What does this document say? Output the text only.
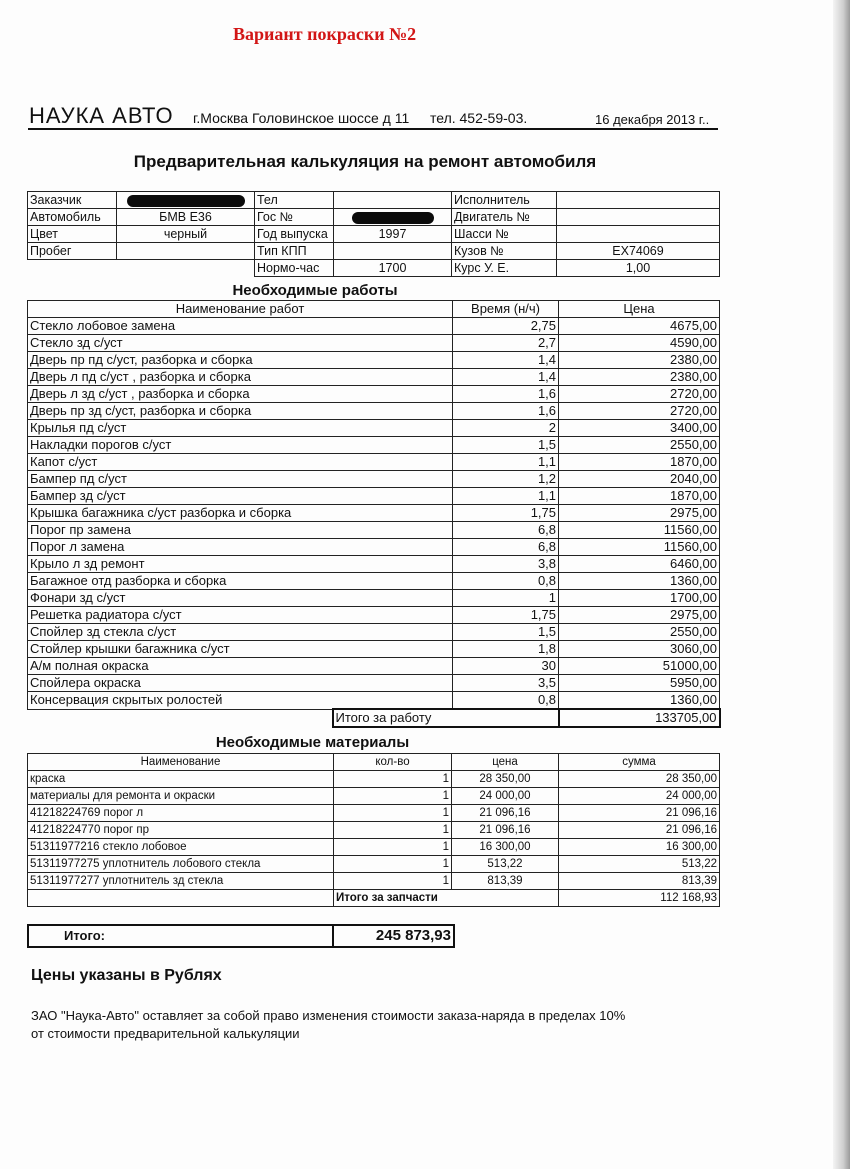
Вариант покраски №2
НАУКА АВТО г.Москва Головинское шоссе д 11 тел. 452-59-03.	16 декабря 2013 г..
Предварительная калькуляция на ремонт автомобиля
Заказчик		Тел		Исполнитель	
Автомобиль	БМВ Е36	Гос №		Двигатель №	
Цвет	черный	Год выпуска	1997	Шасси №	
Пробег		Тип КПП		Кузов №	EX74069
		Нормо-час	1700	Курс У. Е.	1,00
Необходимые работы
Наименование работ		Время (н/ч)	Цена
Стекло лобовое замена		2,75	4675,00
Стекло зд с/уст		2,7	4590,00
Дверь пр пд с/уст, разборка и сборка		1,4	2380,00
Дверь л пд с/уст , разборка и сборка		1,4	2380,00
Дверь л зд с/уст , разборка и сборка		1,6	2720,00
Дверь пр зд с/уст, разборка и сборка		1,6	2720,00
Крылья пд с/уст		2	3400,00
Накладки порогов с/уст		1,5	2550,00
Капот с/уст		1,1	1870,00
Бампер пд с/уст		1,2	2040,00
Бампер зд с/уст		1,1	1870,00
Крышка багажника с/уст разборка и сборка		1,75	2975,00
Порог пр замена		6,8	11560,00
Порог л замена		6,8	11560,00
Крыло л зд ремонт		3,8	6460,00
Багажное отд разборка и сборка		0,8	1360,00
Фонари зд с/уст		1	1700,00
Решетка радиатора с/уст		1,75	2975,00
Спойлер зд стекла с/уст		1,5	2550,00
Стойлер крышки багажника с/уст		1,8	3060,00
А/м полная окраска		30	51000,00
Спойлера окраска		3,5	5950,00
Консервация скрытых ролостей		0,8	1360,00
	Итого за работу		133705,00
Необходимые материалы
Наименование	кол-во	цена	сумма
краска	1	28 350,00	28 350,00
материалы для ремонта и окраски	1	24 000,00	24 000,00
41218224769 порог л	1	21 096,16	21 096,16
41218224770 порог пр	1	21 096,16	21 096,16
51311977216 стекло лобовое	1	16 300,00	16 300,00
51311977275 уплотнитель лобового стекла	1	513,22	513,22
51311977277 уплотнитель зд стекла	1	813,39	813,39
	Итого за запчасти		112 168,93
Итого:	245 873,93
Цены указаны в Рублях
ЗАО "Наука-Авто" оставляет за собой право изменения стоимости заказа-наряда в пределах 10%
от стоимости предварительной калькуляции
